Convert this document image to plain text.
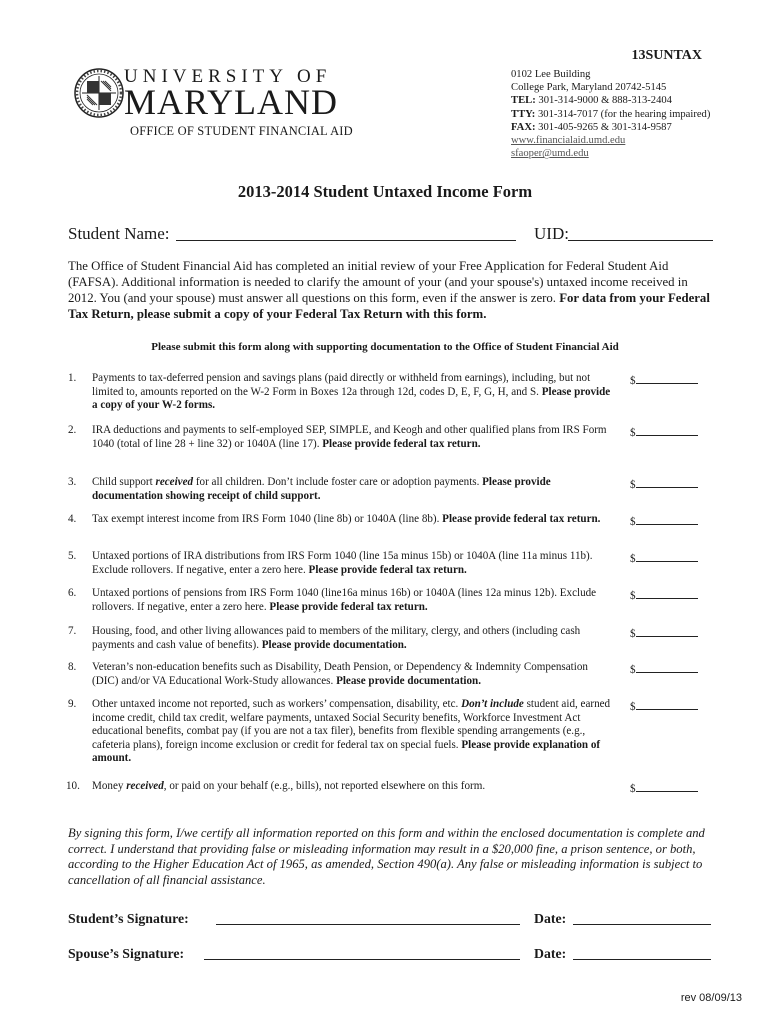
13SUNTAX
UNIVERSITY OF
MARYLAND
OFFICE OF STUDENT FINANCIAL AID
0102 Lee Building
College Park, Maryland 20742-5145
TEL: 301-314-9000 & 888-313-2404
TTY: 301-314-7017 (for the hearing impaired)
FAX: 301-405-9265 & 301-314-9587
www.financialaid.umd.edu
sfaoper@umd.edu
2013-2014 Student Untaxed Income Form
Student Name:	UID:
The Office of Student Financial Aid has completed an initial review of your Free Application for Federal Student Aid (FAFSA). Additional information is needed to clarify the amount of your (and your spouse's) untaxed income received in 2012. You (and your spouse) must answer all questions on this form, even if the answer is zero. For data from your Federal Tax Return, please submit a copy of your Federal Tax Return with this form.
Please submit this form along with supporting documentation to the Office of Student Financial Aid
1. Payments to tax-deferred pension and savings plans (paid directly or withheld from earnings), including, but not limited to, amounts reported on the W-2 Form in Boxes 12a through 12d, codes D, E, F, G, H, and S. Please provide a copy of your W-2 forms.
$
2. IRA deductions and payments to self-employed SEP, SIMPLE, and Keogh and other qualified plans from IRS Form 1040 (total of line 28 + line 32) or 1040A (line 17). Please provide federal tax return.
$
3. Child support received for all children. Don’t include foster care or adoption payments. Please provide documentation showing receipt of child support.
$
4. Tax exempt interest income from IRS Form 1040 (line 8b) or 1040A (line 8b). Please provide federal tax return.	$
5. Untaxed portions of IRA distributions from IRS Form 1040 (line 15a minus 15b) or 1040A (line 11a minus 11b). Exclude rollovers. If negative, enter a zero here. Please provide federal tax return.
$
6. Untaxed portions of pensions from IRS Form 1040 (line16a minus 16b) or 1040A (lines 12a minus 12b). Exclude rollovers. If negative, enter a zero here. Please provide federal tax return.
$
7. Housing, food, and other living allowances paid to members of the military, clergy, and others (including cash payments and cash value of benefits). Please provide documentation.
$
8. Veteran’s non-education benefits such as Disability, Death Pension, or Dependency & Indemnity Compensation (DIC) and/or VA Educational Work-Study allowances. Please provide documentation.
$
9. Other untaxed income not reported, such as workers’ compensation, disability, etc. Don’t include student aid, earned income credit, child tax credit, welfare payments, untaxed Social Security benefits, Workforce Investment Act educational benefits, combat pay (if you are not a tax filer), benefits from flexible spending arrangements (e.g., cafeteria plans), foreign income exclusion or credit for federal tax on special fuels. Please provide explanation of amount.
$
10. Money received, or paid on your behalf (e.g., bills), not reported elsewhere on this form.	$
By signing this form, I/we certify all information reported on this form and within the enclosed documentation is complete and correct. I understand that providing false or misleading information may result in a $20,000 fine, a prison sentence, or both, according to the Higher Education Act of 1965, as amended, Section 490(a). Any false or misleading information is subject to cancellation of all financial assistance.
Student’s Signature:	Date:
Spouse’s Signature:	Date:
rev 08/09/13
